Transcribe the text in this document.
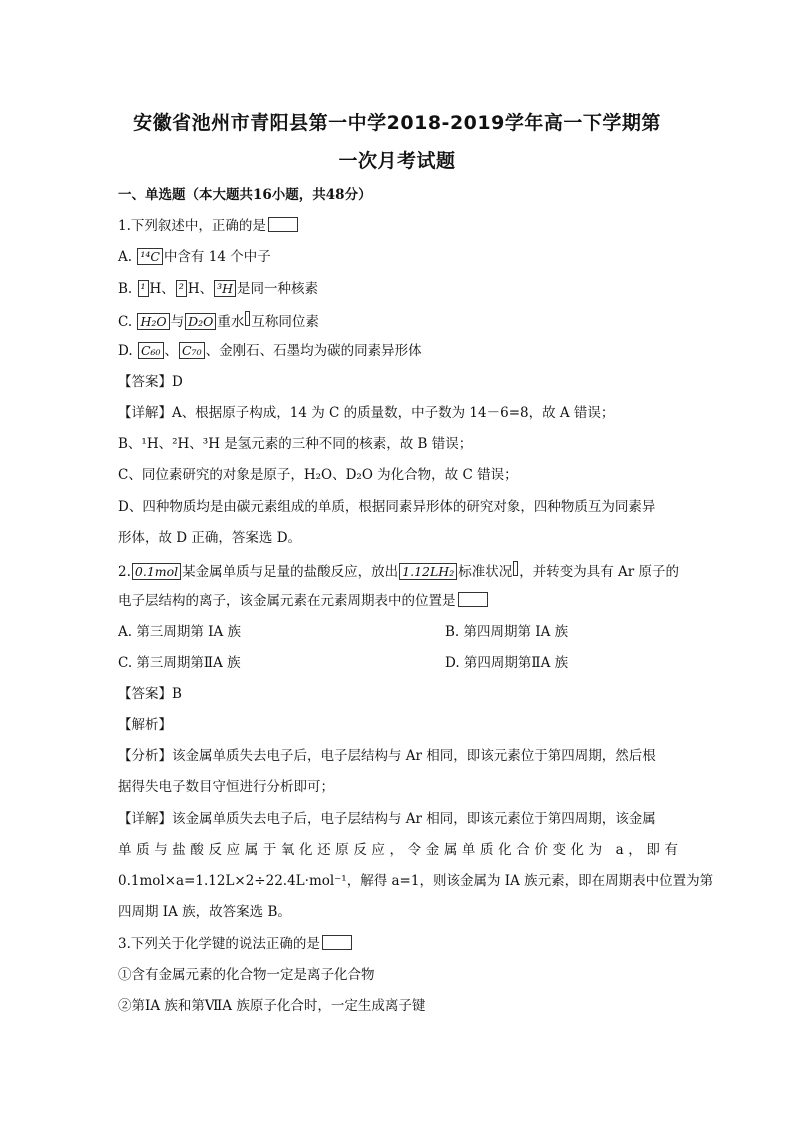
安徽省池州市青阳县第一中学2018-2019学年高一下学期第
一次月考试题
一、单选题（本大题共16小题，共48分）
1.下列叙述中，正确的是
A. ¹⁴C 中含有 14 个中子
B. ¹ H、 ² H、 ³H 是同一种核素
C. H₂O 与 D₂O 重水 互称同位素
D. C₆₀ 、 C₇₀ 、金刚石、石墨均为碳的同素异形体
【答案】D
【详解】A、根据原子构成，14 为 C 的质量数，中子数为 14－6=8，故 A 错误；
B、¹H、²H、³H 是氢元素的三种不同的核素，故 B 错误；
C、同位素研究的对象是原子，H₂O、D₂O 为化合物，故 C 错误；
D、四种物质均是由碳元素组成的单质，根据同素异形体的研究对象，四种物质互为同素异
形体，故 D 正确，答案选 D。
2. 0.1mol 某金属单质与足量的盐酸反应，放出 1.12LH₂ 标准状况 ，并转变为具有 Ar 原子的
电子层结构的离子，该金属元素在元素周期表中的位置是
A. 第三周期第 IA 族	B. 第四周期第 IA 族
C. 第三周期第ⅡA 族	D. 第四周期第ⅡA 族
【答案】B
【解析】
【分析】该金属单质失去电子后，电子层结构与 Ar 相同，即该元素位于第四周期，然后根
据得失电子数目守恒进行分析即可；
【详解】该金属单质失去电子后，电子层结构与 Ar 相同，即该元素位于第四周期，该金属
单质与盐酸反应属于氧化还原反应，令金属单质化合价变化为 a，即有
0.1mol×a=1.12L×2÷22.4L·mol⁻¹，解得 a=1，则该金属为 IA 族元素，即在周期表中位置为第
四周期 IA 族，故答案选 B。
3.下列关于化学键的说法正确的是
①含有金属元素的化合物一定是离子化合物
②第ⅠA 族和第ⅦA 族原子化合时，一定生成离子键
